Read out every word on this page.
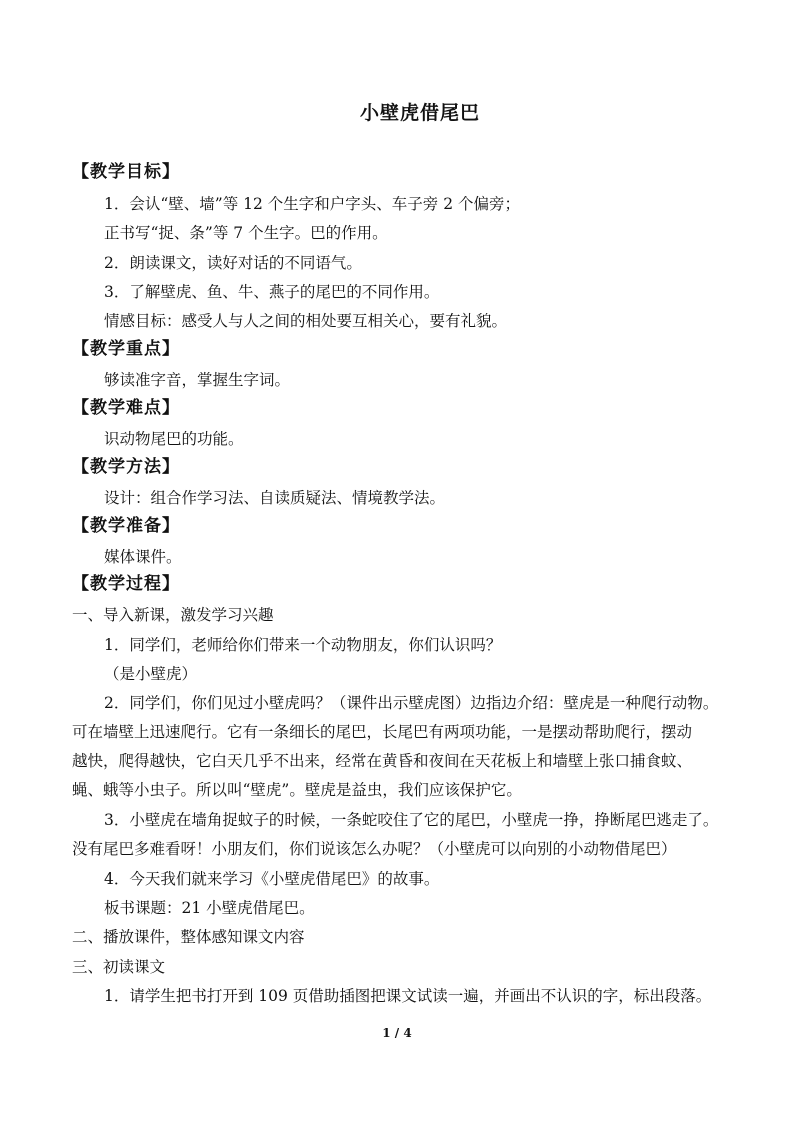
小壁虎借尾巴
【教学目标】
1．会认“壁、墙”等 12 个生字和户字头、车子旁 2 个偏旁；
正书写“捉、条”等 7 个生字。巴的作用。
2．朗读课文，读好对话的不同语气。
3．了解壁虎、鱼、牛、燕子的尾巴的不同作用。
情感目标：感受人与人之间的相处要互相关心，要有礼貌。
【教学重点】
够读准字音，掌握生字词。
【教学难点】
识动物尾巴的功能。
【教学方法】
设计：组合作学习法、自读质疑法、情境教学法。
【教学准备】
媒体课件。
【教学过程】
一、导入新课，激发学习兴趣
1．同学们，老师给你们带来一个动物朋友，你们认识吗？
（是小壁虎）
2．同学们，你们见过小壁虎吗？（课件出示壁虎图）边指边介绍：壁虎是一种爬行动物。
可在墙壁上迅速爬行。它有一条细长的尾巴，长尾巴有两项功能，一是摆动帮助爬行，摆动
越快，爬得越快，它白天几乎不出来，经常在黄昏和夜间在天花板上和墙壁上张口捕食蚊、
蝇、蛾等小虫子。所以叫“壁虎”。壁虎是益虫，我们应该保护它。
3．小壁虎在墙角捉蚊子的时候，一条蛇咬住了它的尾巴，小壁虎一挣，挣断尾巴逃走了。
没有尾巴多难看呀！小朋友们，你们说该怎么办呢？（小壁虎可以向别的小动物借尾巴）
4．今天我们就来学习《小壁虎借尾巴》的故事。
板书课题：21 小壁虎借尾巴。
二、播放课件，整体感知课文内容
三、初读课文
1．请学生把书打开到 109 页借助插图把课文试读一遍，并画出不认识的字，标出段落。
1 / 4
